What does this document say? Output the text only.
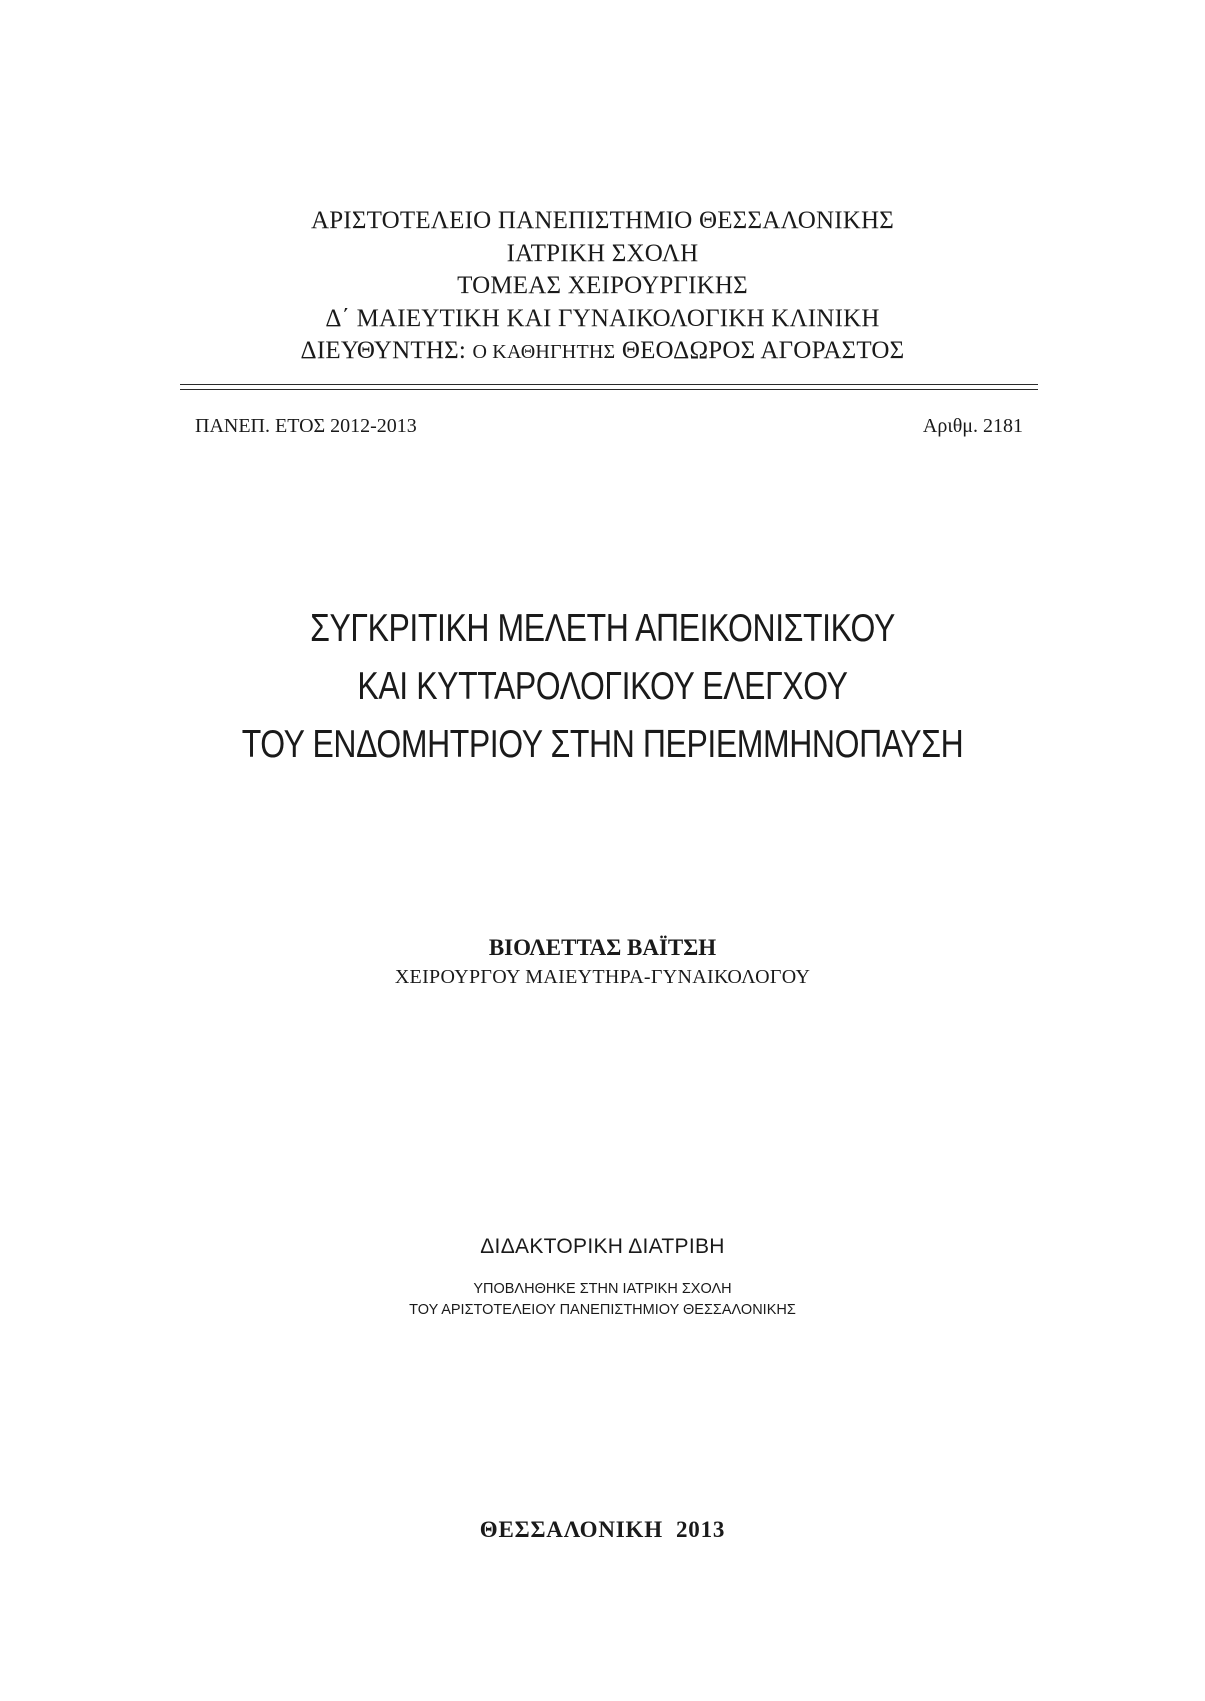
ΑΡΙΣΤΟΤΕΛΕΙΟ ΠΑΝΕΠΙΣΤΗΜΙΟ ΘΕΣΣΑΛΟΝΙΚΗΣ
ΙΑΤΡΙΚΗ ΣΧΟΛΗ
ΤΟΜΕΑΣ ΧΕΙΡΟΥΡΓΙΚΗΣ
Δ΄ ΜΑΙΕΥΤΙΚΗ ΚΑΙ ΓΥΝΑΙΚΟΛΟΓΙΚΗ ΚΛΙΝΙΚΗ
ΔΙΕΥΘΥΝΤΗΣ: Ο ΚΑΘΗΓΗΤΗΣ ΘΕΟΔΩΡΟΣ ΑΓΟΡΑΣΤΟΣ
ΠΑΝΕΠ. ΕΤΟΣ 2012-2013	Αριθμ. 2181
ΣΥΓΚΡΙΤΙΚΗ ΜΕΛΕΤΗ ΑΠΕΙΚΟΝΙΣΤΙΚΟΥ
ΚΑΙ ΚΥΤΤΑΡΟΛΟΓΙΚΟΥ ΕΛΕΓΧΟΥ
ΤΟΥ ΕΝΔΟΜΗΤΡΙΟΥ ΣΤΗΝ ΠΕΡΙΕΜΜΗΝΟΠΑΥΣΗ
ΒΙΟΛΕΤΤΑΣ ΒΑΪΤΣΗ
ΧΕΙΡΟΥΡΓΟΥ ΜΑΙΕΥΤΗΡΑ-ΓΥΝΑΙΚΟΛΟΓΟΥ
ΔΙΔΑΚΤΟΡΙΚΗ ΔΙΑΤΡΙΒΗ
ΥΠΟΒΛΗΘΗΚΕ ΣΤΗΝ ΙΑΤΡΙΚΗ ΣΧΟΛΗ
ΤΟΥ ΑΡΙΣΤΟΤΕΛΕΙΟΥ ΠΑΝΕΠΙΣΤΗΜΙΟΥ ΘΕΣΣΑΛΟΝΙΚΗΣ
ΘΕΣΣΑΛΟΝΙΚΗ  2013
